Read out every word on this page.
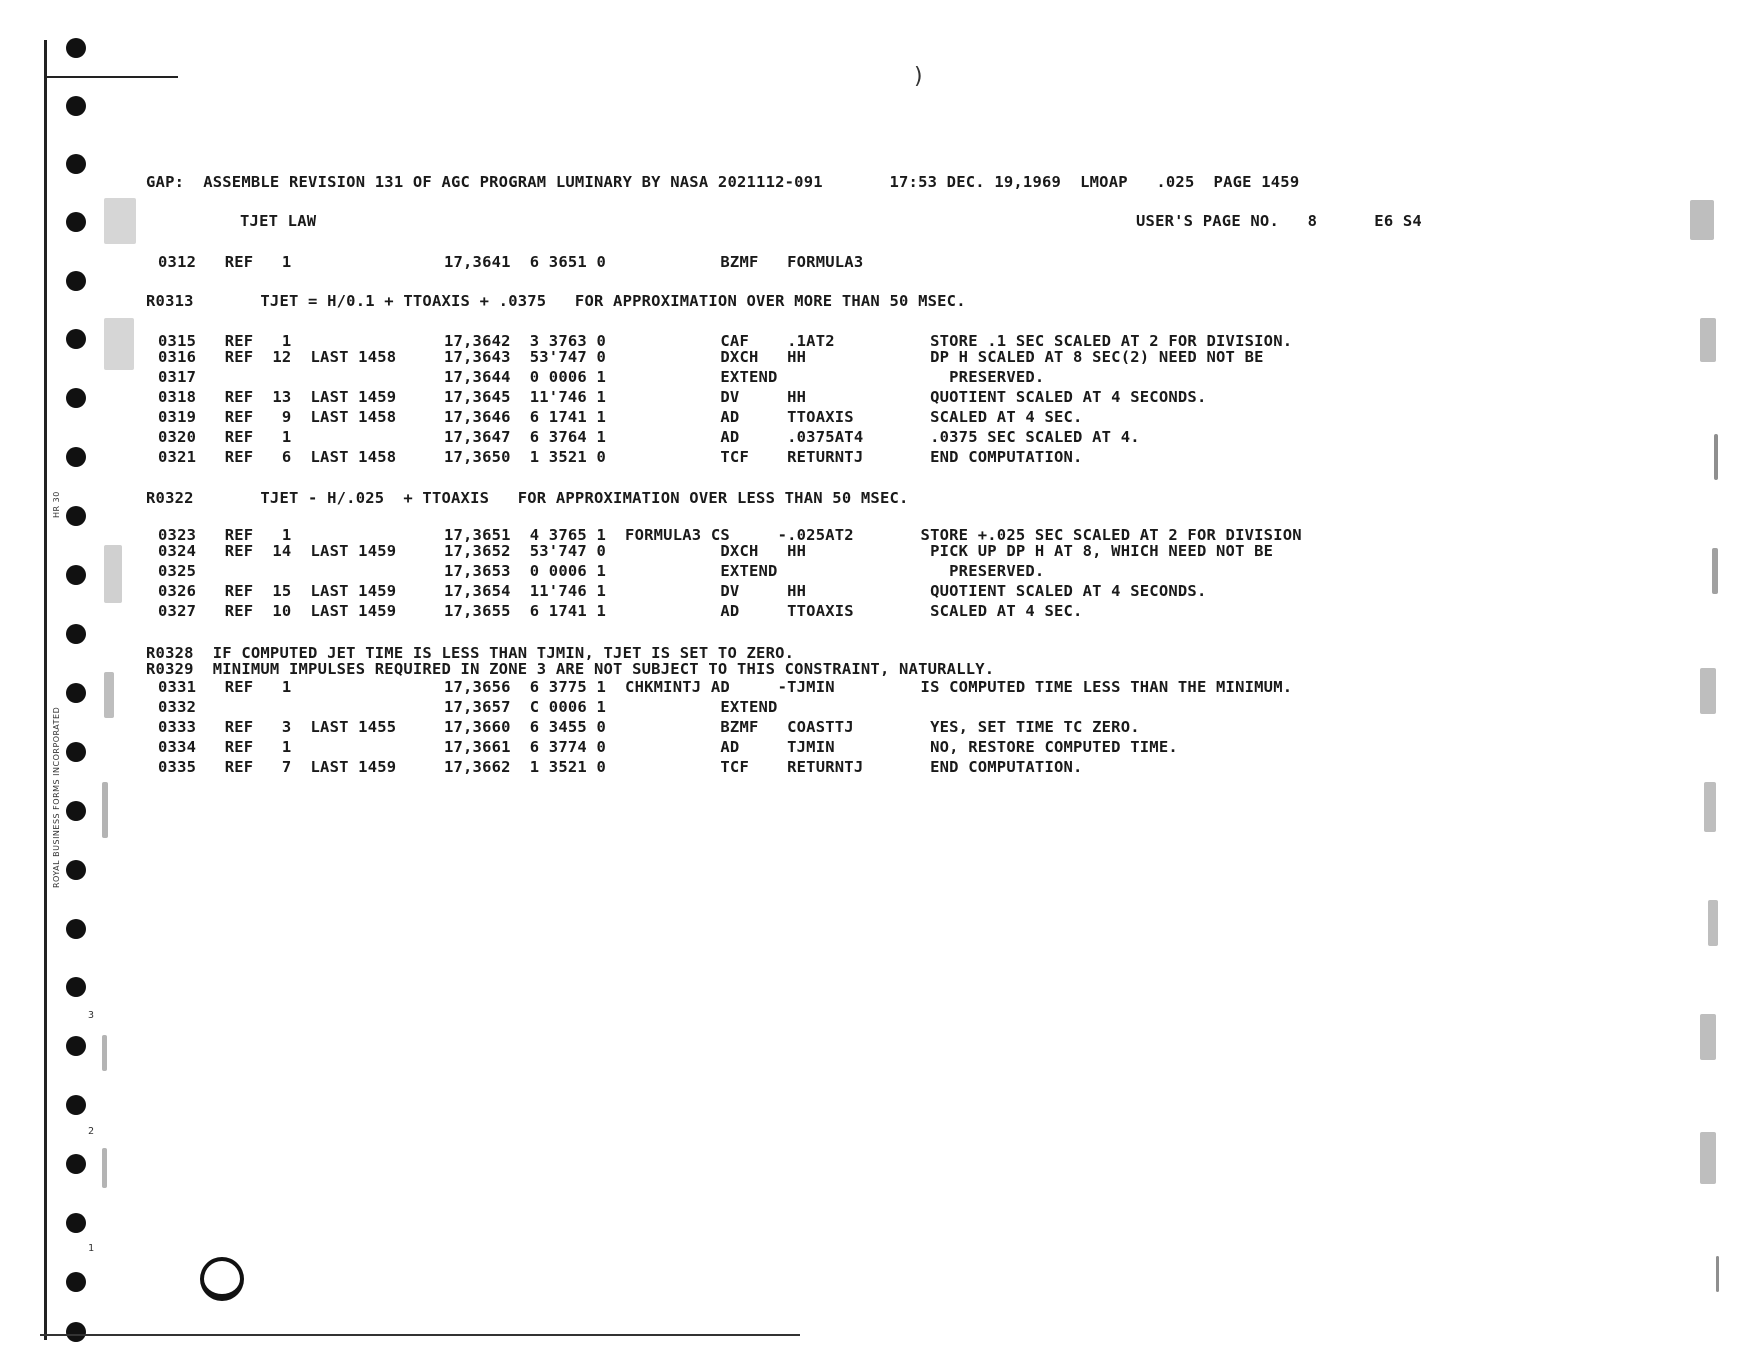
ROYAL BUSINESS FORMS INCORPORATED
HR 30
3
2
1
)
GAP:  ASSEMBLE REVISION 131 OF AGC PROGRAM LUMINARY BY NASA 2021112-091       17:53 DEC. 19,1969  LMOAP   .025  PAGE 1459
TJET LAW	USER'S PAGE NO.   8      E6 S4
0312   REF   1                17,3641  6 3651 0            BZMF   FORMULA3
R0313       TJET = H/0.1 + TTOAXIS + .0375   FOR APPROXIMATION OVER MORE THAN 50 MSEC.
0315   REF   1                17,3642  3 3763 0            CAF    .1AT2          STORE .1 SEC SCALED AT 2 FOR DIVISION.
0316   REF  12  LAST 1458     17,3643  53'747 0            DXCH   HH             DP H SCALED AT 8 SEC(2) NEED NOT BE
0317                          17,3644  0 0006 1            EXTEND                  PRESERVED.
0318   REF  13  LAST 1459     17,3645  11'746 1            DV     HH             QUOTIENT SCALED AT 4 SECONDS.
0319   REF   9  LAST 1458     17,3646  6 1741 1            AD     TTOAXIS        SCALED AT 4 SEC.
0320   REF   1                17,3647  6 3764 1            AD     .0375AT4       .0375 SEC SCALED AT 4.
0321   REF   6  LAST 1458     17,3650  1 3521 0            TCF    RETURNTJ       END COMPUTATION.
R0322       TJET - H/.025  + TTOAXIS   FOR APPROXIMATION OVER LESS THAN 50 MSEC.
0323   REF   1                17,3651  4 3765 1  FORMULA3 CS     -.025AT2       STORE +.025 SEC SCALED AT 2 FOR DIVISION
0324   REF  14  LAST 1459     17,3652  53'747 0            DXCH   HH             PICK UP DP H AT 8, WHICH NEED NOT BE
0325                          17,3653  0 0006 1            EXTEND                  PRESERVED.
0326   REF  15  LAST 1459     17,3654  11'746 1            DV     HH             QUOTIENT SCALED AT 4 SECONDS.
0327   REF  10  LAST 1459     17,3655  6 1741 1            AD     TTOAXIS        SCALED AT 4 SEC.
R0328  IF COMPUTED JET TIME IS LESS THAN TJMIN, TJET IS SET TO ZERO.
R0329  MINIMUM IMPULSES REQUIRED IN ZONE 3 ARE NOT SUBJECT TO THIS CONSTRAINT, NATURALLY.
0331   REF   1                17,3656  6 3775 1  CHKMINTJ AD     -TJMIN         IS COMPUTED TIME LESS THAN THE MINIMUM.
0332                          17,3657  C 0006 1            EXTEND
0333   REF   3  LAST 1455     17,3660  6 3455 0            BZMF   COASTTJ        YES, SET TIME TC ZERO.
0334   REF   1                17,3661  6 3774 0            AD     TJMIN          NO, RESTORE COMPUTED TIME.
0335   REF   7  LAST 1459     17,3662  1 3521 0            TCF    RETURNTJ       END COMPUTATION.
